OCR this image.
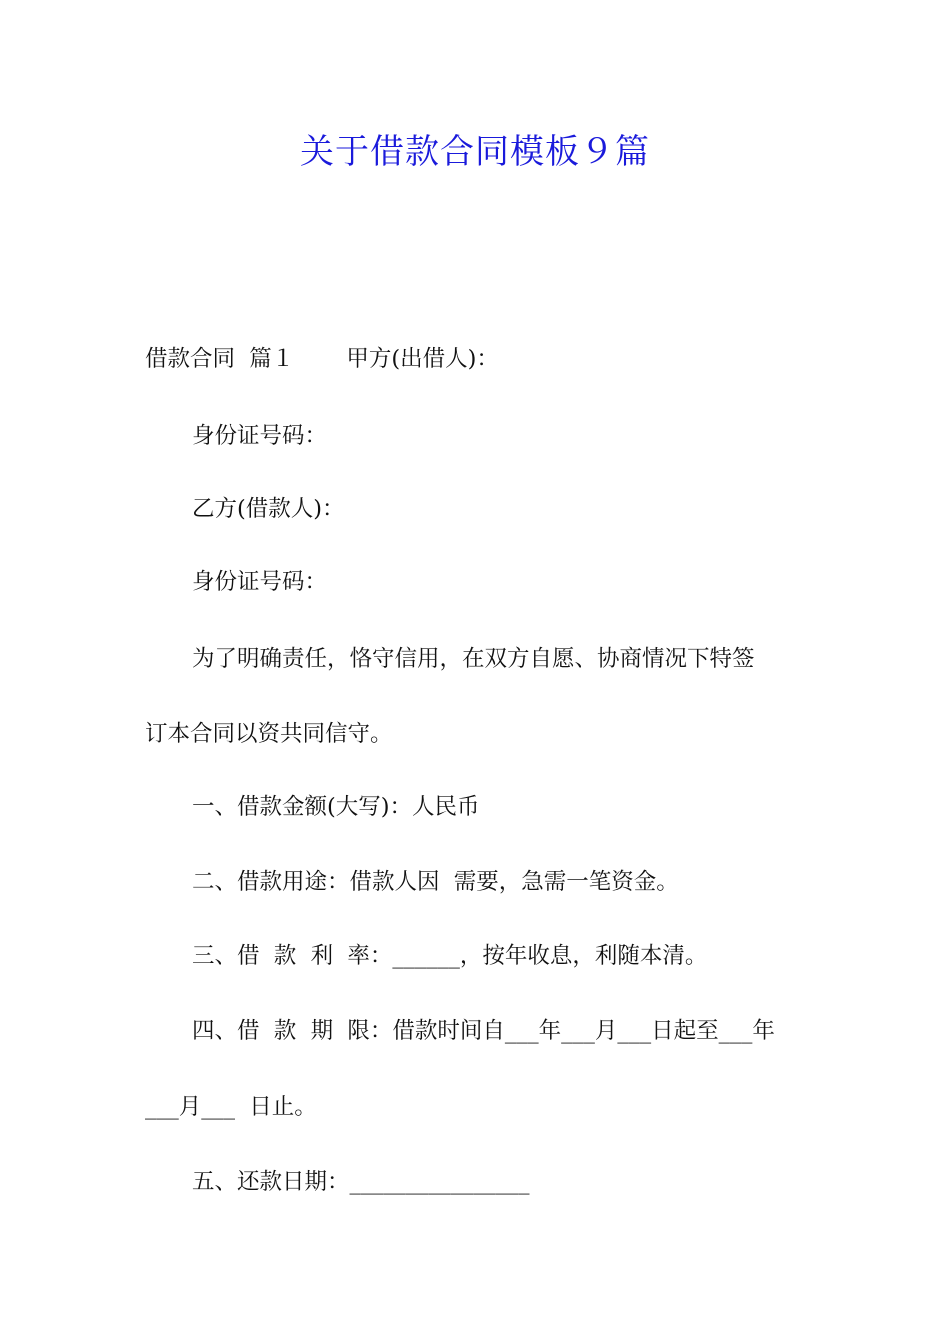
关于借款合同模板９篇

借款合同  篇１ 甲方(出借人)：

身份证号码：

乙方(借款人)：

身份证号码：

为了明确责任，恪守信用，在双方自愿、协商情况下特签

订本合同以资共同信守。

一、借款金额(大写)：人民币

二、借款用途：借款人因  需要，急需一笔资金。

三、借  款  利  率：______，按年收息，利随本清。

四、借  款  期  限：借款时间自___年___月___日起至___年

___月___  日止。

五、还款日期：________________
